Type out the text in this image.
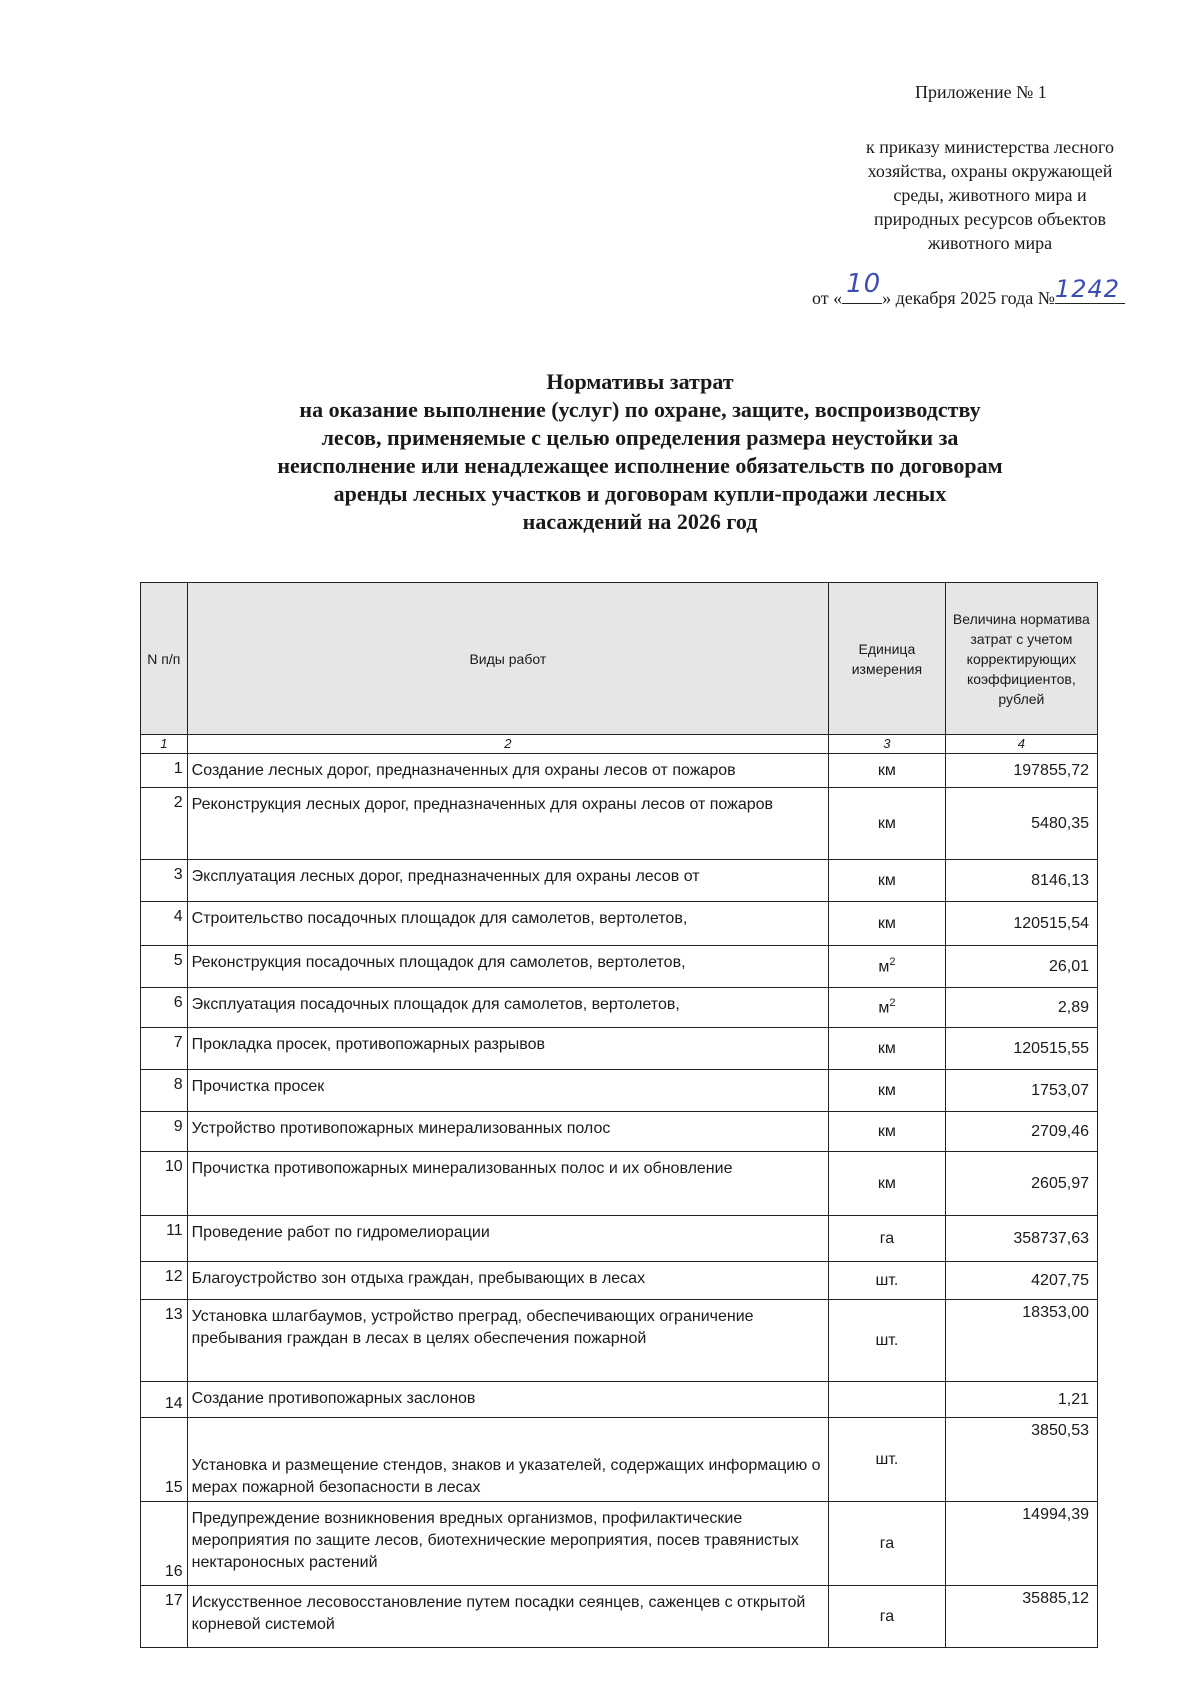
Приложение № 1
к приказу министерства лесного
хозяйства, охраны окружающей
среды, животного мира и
природных ресурсов объектов
животного мира
от « 10 » декабря 2025 года № 1242
Нормативы затрат
на оказание выполнение (услуг) по охране, защите, воспроизводству
лесов, применяемые с целью определения размера неустойки за
неисполнение или ненадлежащее исполнение обязательств по договорам
аренды лесных участков и договорам купли-продажи лесных
насаждений на 2026 год
N п/п	Виды работ	Единица измерения	Величина норматива затрат с учетом корректирующих коэффициентов, рублей
1	2	3	4
1	Создание лесных дорог, предназначенных для охраны лесов от пожаров	км	197855,72
2	Реконструкция лесных дорог, предназначенных для охраны лесов от пожаров	км	5480,35
3	Эксплуатация лесных дорог, предназначенных для охраны лесов от	км	8146,13
4	Строительство посадочных площадок для самолетов, вертолетов,	км	120515,54
5	Реконструкция посадочных площадок для самолетов, вертолетов,	$м^2$	26,01
6	Эксплуатация посадочных площадок для самолетов, вертолетов,	$м^2$	2,89
7	Прокладка просек, противопожарных разрывов	км	120515,55
8	Прочистка просек	км	1753,07
9	Устройство противопожарных минерализованных полос	км	2709,46
10	Прочистка противопожарных минерализованных полос и их обновление	км	2605,97
11	Проведение работ по гидромелиорации	га	358737,63
12	Благоустройство зон отдыха граждан, пребывающих в лесах	шт.	4207,75
13	Установка шлагбаумов, устройство преград, обеспечивающих ограничение пребывания граждан в лесах в целях обеспечения пожарной	шт.	18353,00
14	Создание противопожарных заслонов		1,21
15	Установка и размещение стендов, знаков и указателей, содержащих информацию о мерах пожарной безопасности в лесах	шт.	3850,53
16	Предупреждение возникновения вредных организмов, профилактические мероприятия по защите лесов, биотехнические мероприятия, посев травянистых нектароносных растений	га	14994,39
17	Искусственное лесовосстановление путем посадки сеянцев, саженцев с открытой корневой системой	га	35885,12
